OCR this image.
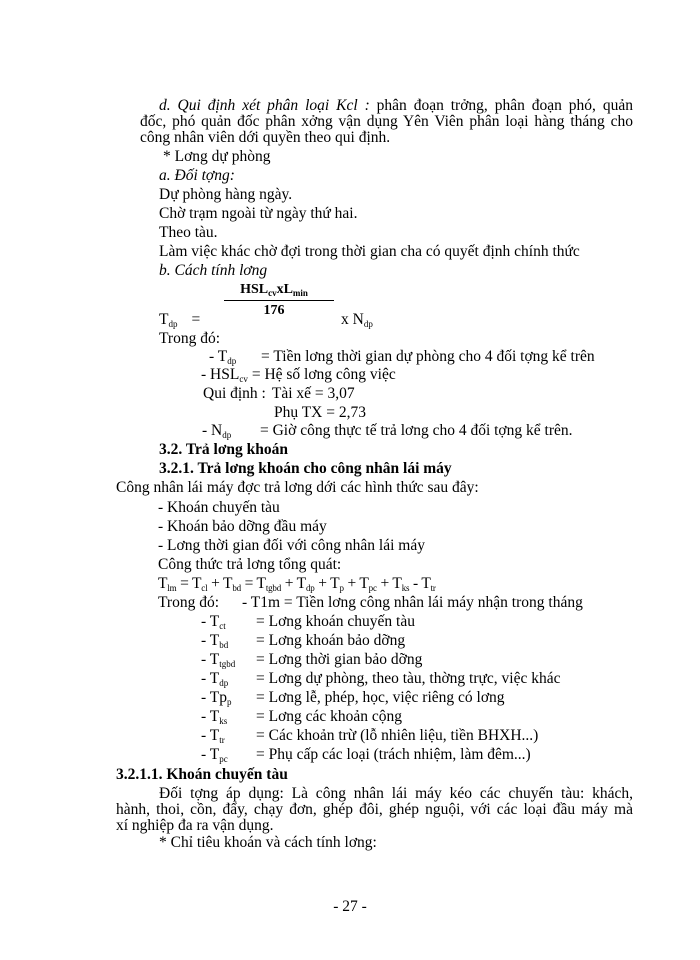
d. Qui định xét phân loại Kcl : phân đoạn trởng, phân đoạn phó, quản
đốc, phó quản đốc phân xởng vận dụng Yên Viên phân loại hàng tháng cho
công nhân viên dới quyền theo qui định.
* Lơng dự phòng
a. Đối tợng:
Dự phòng hàng ngày.
Chờ trạm ngoài từ ngày thứ hai.
Theo tàu.
Làm việc khác chờ đợi trong thời gian cha có quyết định chính thức
b. Cách tính lơng
$HSL_{cv}xL_{min}$
176
$T_{dp}$ =	x $N_{dp}$
Trong đó:
- $T_{dp}$ = Tiền lơng thời gian dự phòng cho 4 đối tợng kể trên
- $HSL_{cv}$ = Hệ số lơng công việc
Qui định : Tài xế = 3,07
Phụ TX = 2,73
- $N_{dp}$ = Giờ công thực tế trả lơng cho 4 đối tợng kể trên.
3.2. Trả lơng khoán
3.2.1. Trả lơng khoán cho công nhân lái máy
Công nhân lái máy đợc trả lơng dới các hình thức sau đây:
- Khoán chuyến tàu
- Khoán bảo dỡng đầu máy
- Lơng thời gian đối với công nhân lái máy
Công thức trả lơng tổng quát:
$T_{lm} = T_{cl} + T_{bd} = T_{tgbd} + T_{dp} + T_p + T_{pc} + T_{ks} - T_{tr}$
Trong đó: - T1m = Tiền lơng công nhân lái máy nhận trong tháng
- $T_{ct}$ = Lơng khoán chuyến tàu
- $T_{bd}$ = Lơng khoán bảo dỡng
- $T_{tgbd}$ = Lơng thời gian bảo dỡng
- $T_{dp}$ = Lơng dự phòng, theo tàu, thờng trực, việc khác
- $Tp_p$ = Lơng lễ, phép, học, việc riêng có lơng
- $T_{ks}$ = Lơng các khoản cộng
- $T_{tr}$ = Các khoản trừ (lỗ nhiên liệu, tiền BHXH...)
- $T_{pc}$ = Phụ cấp các loại (trách nhiệm, làm đêm...)
3.2.1.1. Khoán chuyến tàu
Đối tợng áp dụng: Là công nhân lái máy kéo các chuyến tàu: khách,
hành, thoi, cồn, đẩy, chạy đơn, ghép đôi, ghép nguội, với các loại đầu máy mà
xí nghiệp đa ra vận dụng.
* Chỉ tiêu khoán và cách tính lơng:
- 27 -
